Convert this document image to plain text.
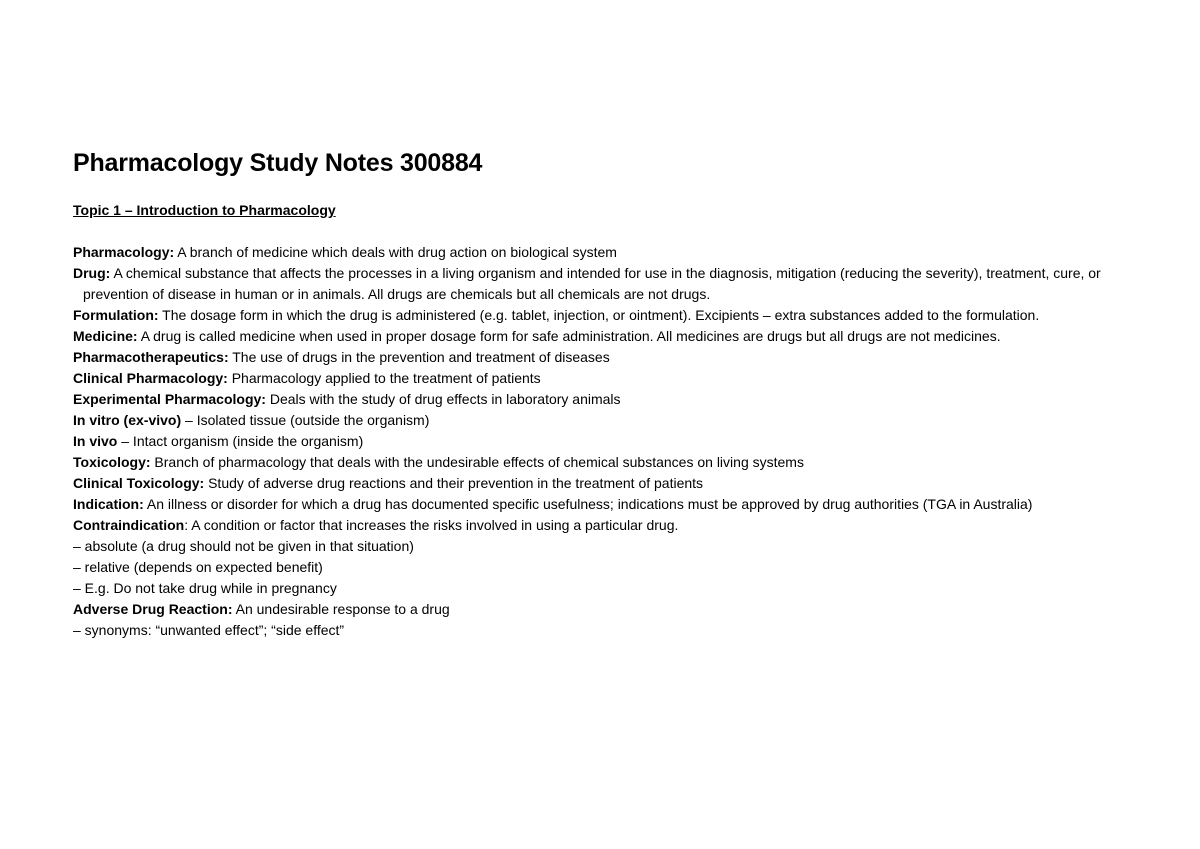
Pharmacology Study Notes 300884
Topic 1 – Introduction to Pharmacology

Pharmacology: A branch of medicine which deals with drug action on biological system

Drug: A chemical substance that affects the processes in a living organism and intended for use in the diagnosis, mitigation (reducing the severity), treatment, cure, or prevention of disease in human or in animals. All drugs are chemicals but all chemicals are not drugs.

Formulation: The dosage form in which the drug is administered (e.g. tablet, injection, or ointment). Excipients – extra substances added to the formulation.

Medicine: A drug is called medicine when used in proper dosage form for safe administration. All medicines are drugs but all drugs are not medicines.

Pharmacotherapeutics: The use of drugs in the prevention and treatment of diseases

Clinical Pharmacology: Pharmacology applied to the treatment of patients

Experimental Pharmacology: Deals with the study of drug effects in laboratory animals

In vitro (ex-vivo) – Isolated tissue (outside the organism)

In vivo – Intact organism (inside the organism)

Toxicology: Branch of pharmacology that deals with the undesirable effects of chemical substances on living systems

Clinical Toxicology: Study of adverse drug reactions and their prevention in the treatment of patients

Indication: An illness or disorder for which a drug has documented specific usefulness; indications must be approved by drug authorities (TGA in Australia)

Contraindication: A condition or factor that increases the risks involved in using a particular drug.

– absolute (a drug should not be given in that situation)

– relative (depends on expected benefit)

– E.g. Do not take drug while in pregnancy

Adverse Drug Reaction: An undesirable response to a drug

– synonyms: “unwanted effect”; “side effect”
